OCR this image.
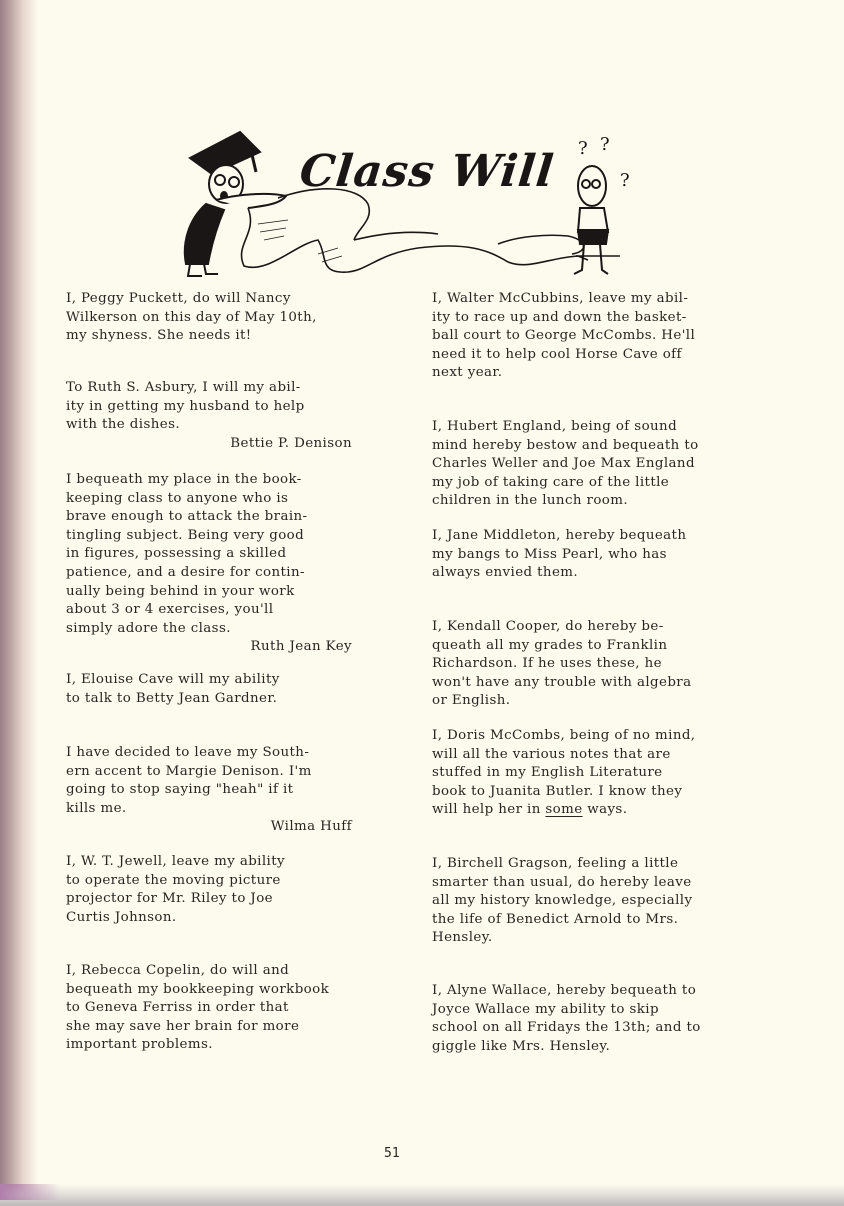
? ?
?
Class Will

I, Peggy Puckett, do will Nancy
Wilkerson on this day of May 10th,
my shyness. She needs it!

To Ruth S. Asbury, I will my abil-
ity in getting my husband to help
with the dishes.

Bettie P. Denison

I bequeath my place in the book-
keeping class to anyone who is
brave enough to attack the brain-
tingling subject. Being very good
in figures, possessing a skilled
patience, and a desire for contin-
ually being behind in your work
about 3 or 4 exercises, you'll
simply adore the class.

Ruth Jean Key

I, Elouise Cave will my ability
to talk to Betty Jean Gardner.

I have decided to leave my South-
ern accent to Margie Denison. I'm
going to stop saying "heah" if it
kills me.

Wilma Huff

I, W. T. Jewell, leave my ability
to operate the moving picture
projector for Mr. Riley to Joe
Curtis Johnson.

I, Rebecca Copelin, do will and
bequeath my bookkeeping workbook
to Geneva Ferriss in order that
she may save her brain for more
important problems.

I, Walter McCubbins, leave my abil-
ity to race up and down the basket-
ball court to George McCombs. He'll
need it to help cool Horse Cave off
next year.

I, Hubert England, being of sound
mind hereby bestow and bequeath to
Charles Weller and Joe Max England
my job of taking care of the little
children in the lunch room.

I, Jane Middleton, hereby bequeath
my bangs to Miss Pearl, who has
always envied them.

I, Kendall Cooper, do hereby be-
queath all my grades to Franklin
Richardson. If he uses these, he
won't have any trouble with algebra
or English.

I, Doris McCombs, being of no mind,
will all the various notes that are
stuffed in my English Literature
book to Juanita Butler. I know they
will help her in some ways.

I, Birchell Gragson, feeling a little
smarter than usual, do hereby leave
all my history knowledge, especially
the life of Benedict Arnold to Mrs.
Hensley.

I, Alyne Wallace, hereby bequeath to
Joyce Wallace my ability to skip
school on all Fridays the 13th; and to
giggle like Mrs. Hensley.

51
